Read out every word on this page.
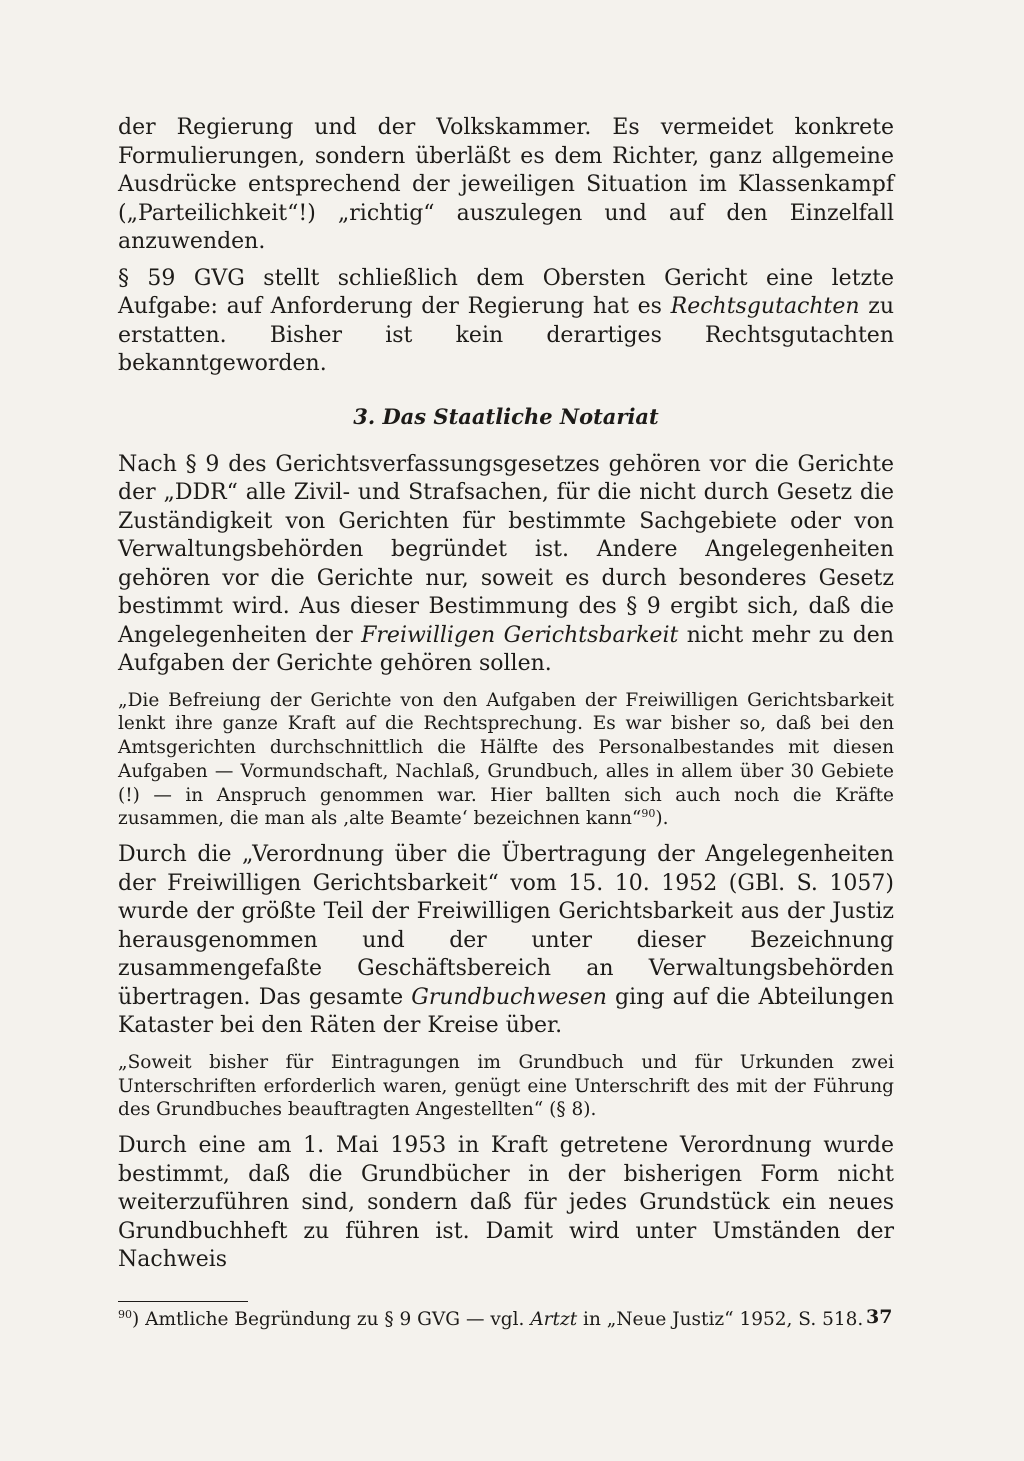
der Regierung und der Volkskammer. Es vermeidet konkrete Formulierungen, sondern überläßt es dem Richter, ganz allgemeine Ausdrücke entsprechend der jeweiligen Situation im Klassenkampf („Parteilichkeit“!) „richtig“ auszulegen und auf den Einzelfall anzuwenden.

§ 59 GVG stellt schließlich dem Obersten Gericht eine letzte Aufgabe: auf Anforderung der Regierung hat es Rechtsgutachten zu erstatten. Bisher ist kein derartiges Rechtsgutachten bekanntgeworden.

3. Das Staatliche Notariat

Nach § 9 des Gerichtsverfassungsgesetzes gehören vor die Gerichte der „DDR“ alle Zivil- und Strafsachen, für die nicht durch Gesetz die Zuständigkeit von Gerichten für bestimmte Sachgebiete oder von Verwaltungsbehörden begründet ist. Andere Angelegenheiten gehören vor die Gerichte nur, soweit es durch besonderes Gesetz bestimmt wird. Aus dieser Bestimmung des § 9 ergibt sich, daß die Angelegenheiten der Freiwilligen Gerichtsbarkeit nicht mehr zu den Aufgaben der Gerichte gehören sollen.

„Die Befreiung der Gerichte von den Aufgaben der Freiwilligen Gerichtsbarkeit lenkt ihre ganze Kraft auf die Rechtsprechung. Es war bisher so, daß bei den Amtsgerichten durchschnittlich die Hälfte des Personalbestandes mit diesen Aufgaben — Vormundschaft, Nachlaß, Grundbuch, alles in allem über 30 Gebiete (!) — in Anspruch genommen war. Hier ballten sich auch noch die Kräfte zusammen, die man als ‚alte Beamte‘ bezeichnen kann“$^{90}$).

Durch die „Verordnung über die Übertragung der Angelegenheiten der Freiwilligen Gerichtsbarkeit“ vom 15. 10. 1952 (GBl. S. 1057) wurde der größte Teil der Freiwilligen Gerichtsbarkeit aus der Justiz herausgenommen und der unter dieser Bezeichnung zusammengefaßte Geschäftsbereich an Verwaltungsbehörden übertragen. Das gesamte Grundbuchwesen ging auf die Abteilungen Kataster bei den Räten der Kreise über.

„Soweit bisher für Eintragungen im Grundbuch und für Urkunden zwei Unterschriften erforderlich waren, genügt eine Unterschrift des mit der Führung des Grundbuches beauftragten Angestellten“ (§ 8).

Durch eine am 1. Mai 1953 in Kraft getretene Verordnung wurde bestimmt, daß die Grundbücher in der bisherigen Form nicht weiterzuführen sind, sondern daß für jedes Grundstück ein neues Grundbuchheft zu führen ist. Damit wird unter Umständen der Nachweis

$^{90}$) Amtliche Begründung zu § 9 GVG — vgl. Artzt in „Neue Justiz“ 1952, S. 518. 37
